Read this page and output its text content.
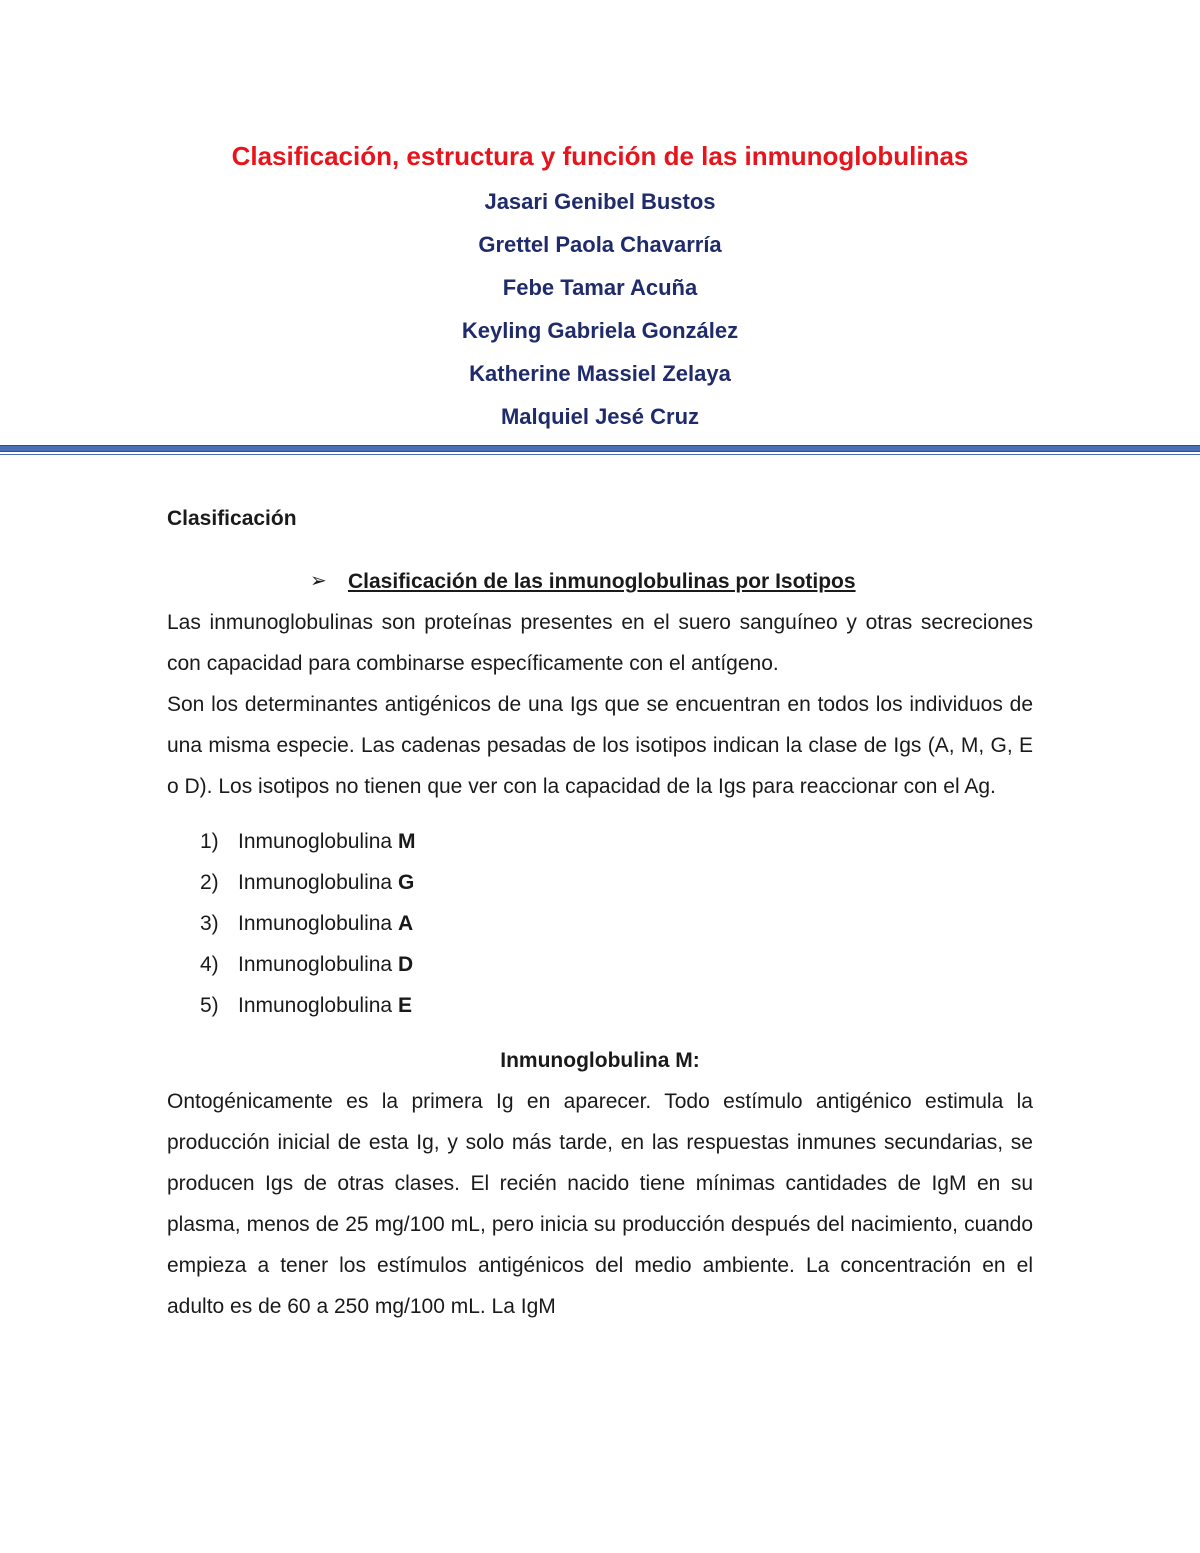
Clasificación, estructura y función de las inmunoglobulinas
Jasari Genibel Bustos
Grettel Paola Chavarría
Febe Tamar Acuña
Keyling Gabriela González
Katherine Massiel Zelaya
Malquiel Jesé Cruz
Clasificación
➢ Clasificación de las inmunoglobulinas por Isotipos

Las inmunoglobulinas son proteínas presentes en el suero sanguíneo y otras secreciones con capacidad para combinarse específicamente con el antígeno.

Son los determinantes antigénicos de una Igs que se encuentran en todos los individuos de una misma especie. Las cadenas pesadas de los isotipos indican la clase de Igs (A, M, G, E o D). Los isotipos no tienen que ver con la capacidad de la Igs para reaccionar con el Ag.

1) Inmunoglobulina M
2) Inmunoglobulina G
3) Inmunoglobulina A
4) Inmunoglobulina D
5) Inmunoglobulina E
Inmunoglobulina M:

Ontogénicamente es la primera Ig en aparecer. Todo estímulo antigénico estimula la producción inicial de esta Ig, y solo más tarde, en las respuestas inmunes secundarias, se producen Igs de otras clases. El recién nacido tiene mínimas cantidades de IgM en su plasma, menos de 25 mg/100 mL, pero inicia su producción después del nacimiento, cuando empieza a tener los estímulos antigénicos del medio ambiente. La concentración en el adulto es de 60 a 250 mg/100 mL. La IgM
